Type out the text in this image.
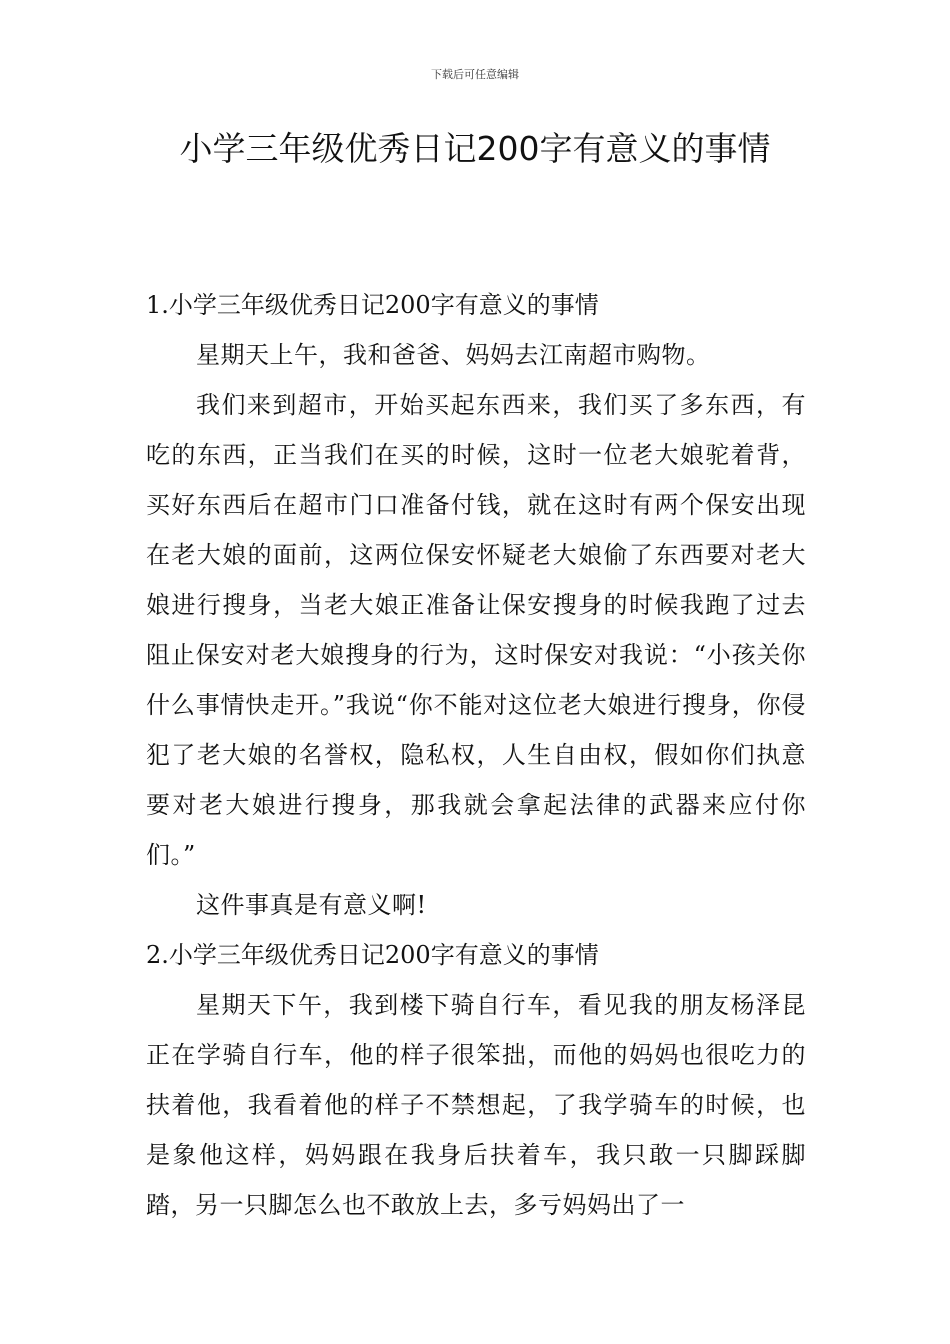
下载后可任意编辑
小学三年级优秀日记200字有意义的事情
1.小学三年级优秀日记200字有意义的事情

星期天上午，我和爸爸、妈妈去江南超市购物。

我们来到超市，开始买起东西来，我们买了多东西，有吃的东西，正当我们在买的时候，这时一位老大娘驼着背，买好东西后在超市门口准备付钱，就在这时有两个保安出现在老大娘的面前，这两位保安怀疑老大娘偷了东西要对老大娘进行搜身，当老大娘正准备让保安搜身的时候我跑了过去阻止保安对老大娘搜身的行为，这时保安对我说：“小孩关你什么事情快走开。”我说“你不能对这位老大娘进行搜身，你侵犯了老大娘的名誉权，隐私权，人生自由权，假如你们执意要对老大娘进行搜身，那我就会拿起法律的武器来应付你们。”

这件事真是有意义啊!

2.小学三年级优秀日记200字有意义的事情

星期天下午，我到楼下骑自行车，看见我的朋友杨泽昆正在学骑自行车，他的样子很笨拙，而他的妈妈也很吃力的扶着他，我看着他的样子不禁想起，了我学骑车的时候，也是象他这样，妈妈跟在我身后扶着车，我只敢一只脚踩脚踏，另一只脚怎么也不敢放上去，多亏妈妈出了一
